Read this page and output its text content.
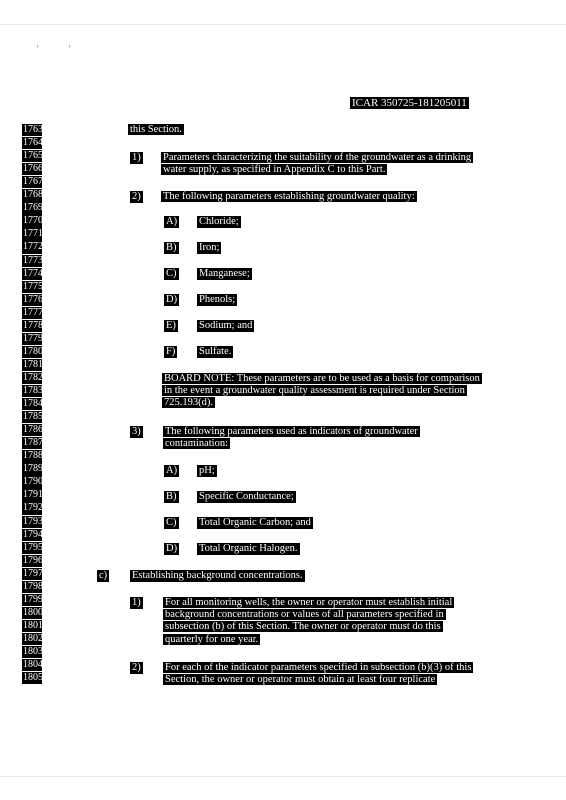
'	'
ICAR 350725-181205011
1763
1764
1765
1766
1767
1768
1769
1770
1771
1772
1773
1774
1775
1776
1777
1778
1779
1780
1781
1782
1783
1784
1785
1786
1787
1788
1789
1790
1791
1792
1793
1794
1795
1796
1797
1798
1799
1800
1801
1802
1803
1804
1805
this Section.
1) Parameters characterizing the suitability of the groundwater as a drinking water supply, as specified in Appendix C to this Part.
2) The following parameters establishing groundwater quality:
A) Chloride;
B) Iron;
C) Manganese;
D) Phenols;
E) Sodium; and
F) Sulfate.
BOARD NOTE: These parameters are to be used as a basis for comparison in the event a groundwater quality assessment is required under Section 725.193(d).
3) The following parameters used as indicators of groundwater contamination:
A) pH;
B) Specific Conductance;
C) Total Organic Carbon; and
D) Total Organic Halogen.
c) Establishing background concentrations.
1) For all monitoring wells, the owner or operator must establish initial background concentrations or values of all parameters specified in subsection (b) of this Section. The owner or operator must do this quarterly for one year.
2) For each of the indicator parameters specified in subsection (b)(3) of this Section, the owner or operator must obtain at least four replicate
